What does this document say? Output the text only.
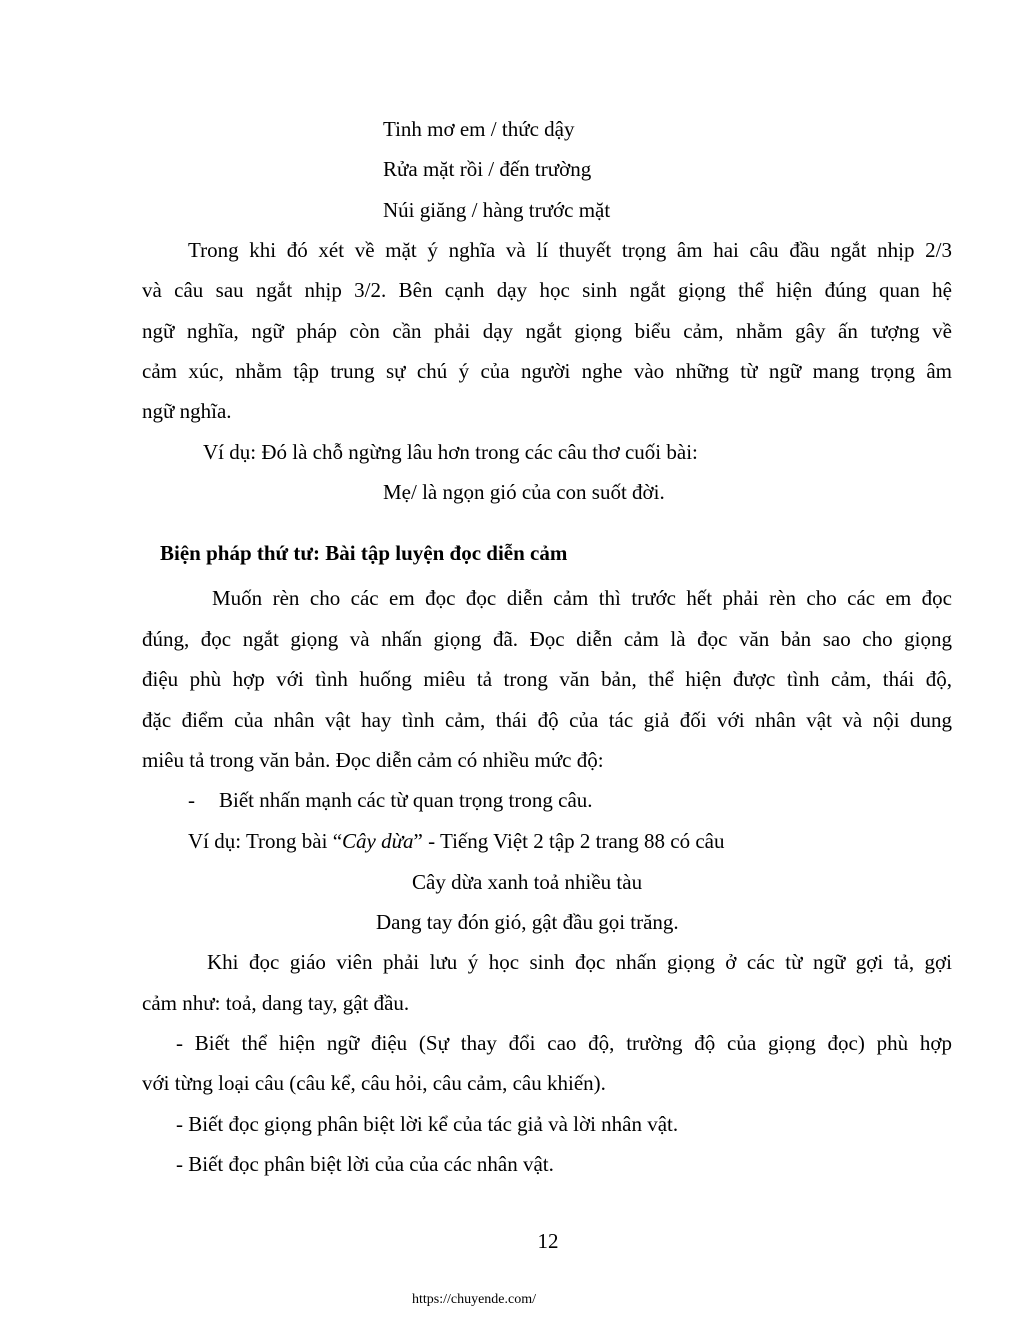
Tinh mơ em / thức dậy

Rửa mặt rồi / đến trường

Núi giăng / hàng trước mặt

Trong khi đó xét về mặt ý nghĩa và lí thuyết trọng âm hai câu đầu ngắt nhịp 2/3

và câu sau ngắt nhịp 3/2. Bên cạnh dạy học sinh ngắt giọng thể hiện đúng quan hệ

ngữ nghĩa, ngữ pháp còn cần phải dạy ngắt giọng biểu cảm, nhằm gây ấn tượng về

cảm xúc, nhằm tập trung sự chú ý của người nghe vào những từ ngữ mang trọng âm

ngữ nghĩa.

Ví dụ: Đó là chỗ ngừng lâu hơn trong các câu thơ cuối bài:

Mẹ/ là ngọn gió của con suốt đời.

Biện pháp thứ tư: Bài tập luyện đọc diễn cảm

Muốn rèn cho các em đọc đọc diễn cảm thì trước hết phải rèn cho các em đọc

đúng, đọc ngắt giọng và nhấn giọng đã. Đọc diễn cảm là đọc văn bản sao cho giọng

điệu phù hợp với tình huống miêu tả trong văn bản, thể hiện được tình cảm, thái độ,

đặc điểm của nhân vật hay tình cảm, thái độ của tác giả đối với nhân vật và nội dung

miêu tả trong văn bản. Đọc diễn cảm có nhiều mức độ:

- Biết nhấn mạnh các từ quan trọng trong câu.

Ví dụ: Trong bài “Cây dừa” - Tiếng Việt 2 tập 2 trang 88 có câu

Cây dừa xanh toả nhiều tàu

Dang tay đón gió, gật đầu gọi trăng.

Khi đọc giáo viên phải lưu ý học sinh đọc nhấn giọng ở các từ ngữ gợi tả, gợi

cảm như: toả, dang tay, gật đầu.

- Biết thể hiện ngữ điệu (Sự thay đổi cao độ, trường độ của giọng đọc) phù hợp

với từng loại câu (câu kể, câu hỏi, câu cảm, câu khiến).

- Biết đọc giọng phân biệt lời kể của tác giả và lời nhân vật.

- Biết đọc phân biệt lời của của các nhân vật.

12

https://chuyende.com/
